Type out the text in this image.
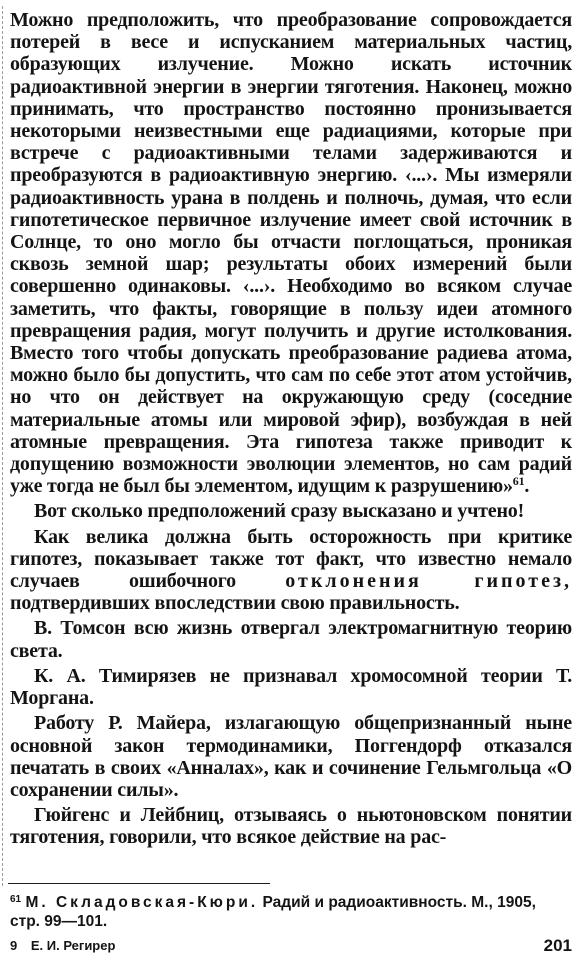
Можно предположить, что преобразование сопровождается потерей в весе и испусканием материальных частиц, образующих излучение. Можно искать источник радиоактивной энергии в энергии тяготения. Наконец, можно принимать, что пространство постоянно пронизывается некоторыми неизвестными еще радиациями, которые при встрече с радиоактивными телами задерживаются и преобразуются в радиоактивную энергию. ‹...›. Мы измеряли радиоактивность урана в полдень и полночь, думая, что если гипотетическое первичное излучение имеет свой источник в Солнце, то оно могло бы отчасти поглощаться, проникая сквозь земной шар; результаты обоих измерений были совершенно одинаковы. ‹...›. Необходимо во всяком случае заметить, что факты, говорящие в пользу идеи атомного превращения радия, могут получить и другие истолкования. Вместо того чтобы допускать преобразование радиева атома, можно было бы допустить, что сам по себе этот атом устойчив, но что он действует на окружающую среду (соседние материальные атомы или мировой эфир), возбуждая в ней атомные превращения. Эта гипотеза также приводит к допущению возможности эволюции элементов, но сам радий уже тогда не был бы элементом, идущим к разрушению»$^{61}$.

Вот сколько предположений сразу высказано и учтено!

Как велика должна быть осторожность при критике гипотез, показывает также тот факт, что известно немало случаев ошибочного отклонения гипотез, подтвердивших впоследствии свою правильность.

В. Томсон всю жизнь отвергал электромагнитную теорию света.

К. А. Тимирязев не признавал хромосомной теории Т. Моргана.

Работу Р. Майера, излагающую общепризнанный ныне основной закон термодинамики, Поггендорф отказался печатать в своих «Анналах», как и сочинение Гельмгольца «О сохранении силы».

Гюйгенс и Лейбниц, отзываясь о ньютоновском понятии тяготения, говорили, что всякое действие на рас-

$^{61}$ М. Складовская-Кюри. Радий и радиоактивность. М., 1905, стр. 99—101.

9 Е. И. Регирер	201
